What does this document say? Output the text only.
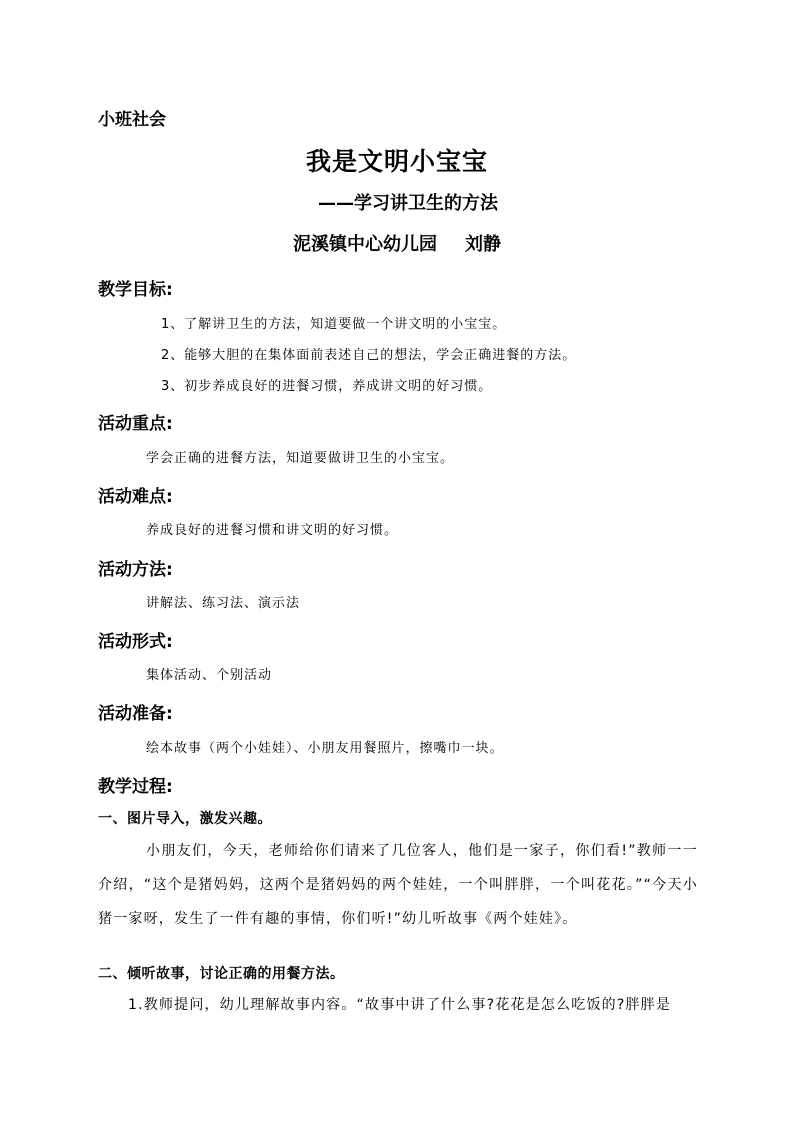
小班社会
我是文明小宝宝
——学习讲卫生的方法
泥溪镇中心幼儿园 刘静
教学目标:
1、了解讲卫生的方法，知道要做一个讲文明的小宝宝。
2、能够大胆的在集体面前表述自己的想法，学会正确进餐的方法。
3、初步养成良好的进餐习惯，养成讲文明的好习惯。
活动重点:
学会正确的进餐方法，知道要做讲卫生的小宝宝。
活动难点:
养成良好的进餐习惯和讲文明的好习惯。
活动方法:
讲解法、练习法、演示法
活动形式:
集体活动、个别活动
活动准备:
绘本故事（两个小娃娃）、小朋友用餐照片，擦嘴巾一块。
教学过程:
一、图片导入，激发兴趣。
小朋友们，今天，老师给你们请来了几位客人，他们是一家子，你们看!”教师一一介绍，“这个是猪妈妈，这两个是猪妈妈的两个娃娃，一个叫胖胖，一个叫花花。”“今天小猪一家呀，发生了一件有趣的事情，你们听!”幼儿听故事《两个娃娃》。
二、倾听故事，讨论正确的用餐方法。
1.教师提问，幼儿理解故事内容。“故事中讲了什么事?花花是怎么吃饭的?胖胖是
